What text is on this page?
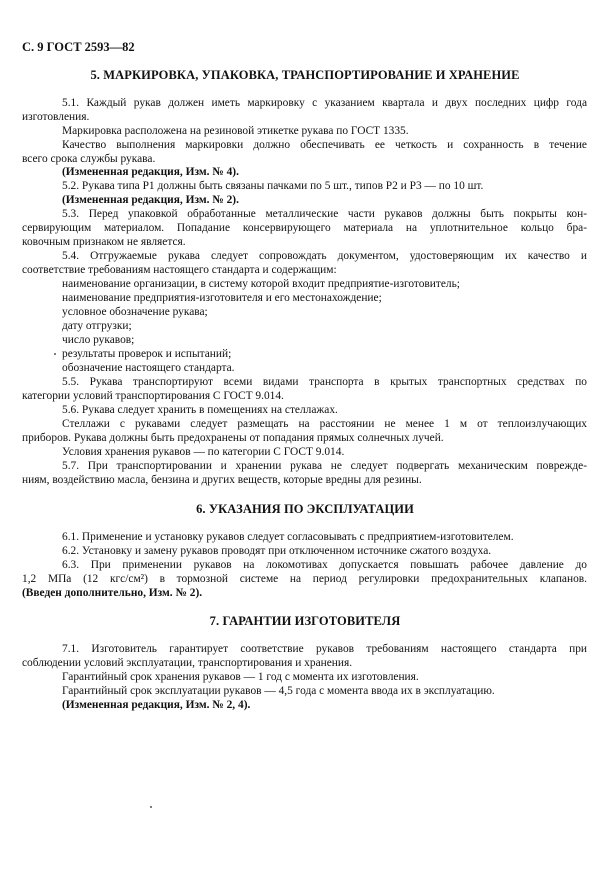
С. 9 ГОСТ 2593—82
5. МАРКИРОВКА, УПАКОВКА, ТРАНСПОРТИРОВАНИЕ И ХРАНЕНИЕ
5.1. Каждый рукав должен иметь маркировку с указанием квартала и двух последних цифр года
изготовления.
Маркировка расположена на резиновой этикетке рукава по ГОСТ 1335.
Качество выполнения маркировки должно обеспечивать ее четкость и сохранность в течение
всего срока службы рукава.
(Измененная редакция, Изм. № 4).
5.2. Рукава типа Р1 должны быть связаны пачками по 5 шт., типов Р2 и Р3 — по 10 шт.
(Измененная редакция, Изм. № 2).
5.3. Перед упаковкой обработанные металлические части рукавов должны быть покрыты кон-
сервирующим материалом. Попадание консервирующего материала на уплотнительное кольцо бра-
ковочным признаком не является.
5.4. Отгружаемые рукава следует сопровождать документом, удостоверяющим их качество и
соответствие требованиям настоящего стандарта и содержащим:
наименование организации, в систему которой входит предприятие-изготовитель;
наименование предприятия-изготовителя и его местонахождение;
условное обозначение рукава;
дату отгрузки;
число рукавов;
результаты проверок и испытаний;
обозначение настоящего стандарта.
5.5. Рукава транспортируют всеми видами транспорта в крытых транспортных средствах по
категории условий транспортирования С ГОСТ 9.014.
5.6. Рукава следует хранить в помещениях на стеллажах.
Стеллажи с рукавами следует размещать на расстоянии не менее 1 м от теплоизлучающих
приборов. Рукава должны быть предохранены от попадания прямых солнечных лучей.
Условия хранения рукавов — по категории С ГОСТ 9.014.
5.7. При транспортировании и хранении рукава не следует подвергать механическим поврежде-
ниям, воздействию масла, бензина и других веществ, которые вредны для резины.
6. УКАЗАНИЯ ПО ЭКСПЛУАТАЦИИ
6.1. Применение и установку рукавов следует согласовывать с предприятием-изготовителем.
6.2. Установку и замену рукавов проводят при отключенном источнике сжатого воздуха.
6.3. При применении рукавов на локомотивах допускается повышать рабочее давление до
1,2 МПа (12 кгс/см²) в тормозной системе на период регулировки предохранительных клапанов.
(Введен дополнительно, Изм. № 2).
7. ГАРАНТИИ ИЗГОТОВИТЕЛЯ
7.1. Изготовитель гарантирует соответствие рукавов требованиям настоящего стандарта при
соблюдении условий эксплуатации, транспортирования и хранения.
Гарантийный срок хранения рукавов — 1 год с момента их изготовления.
Гарантийный срок эксплуатации рукавов — 4,5 года с момента ввода их в эксплуатацию.
(Измененная редакция, Изм. № 2, 4).
